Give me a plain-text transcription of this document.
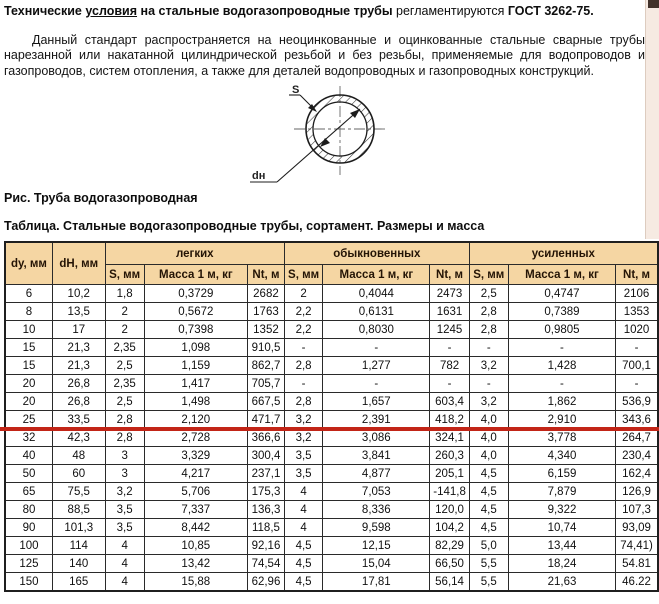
Технические условия на стальные водогазопроводные трубы регламентируются ГОСТ 3262-75.

Данный стандарт распространяется на неоцинкованные и оцинкованные стальные сварные трубы нарезанной или накатанной цилиндрической резьбой и без резьбы, применяемые для водопроводов и газопроводов, систем отопления, а также для деталей водопроводных и газопроводных конструкций.

S
dн

Рис. Труба водогазопроводная

Таблица. Стальные водогазопроводные трубы, сортамент. Размеры и масса

dy, мм	dH, мм	легких			обыкновенных			усиленных		
		S, мм	Масса 1 м, кг	Nt, м	S, мм	Масса 1 м, кг	Nt, м	S, мм	Масса 1 м, кг	Nt, м
6	10,2	1,8	0,3729	2682	2	0,4044	2473	2,5	0,4747	2106
8	13,5	2	0,5672	1763	2,2	0,6131	1631	2,8	0,7389	1353
10	17	2	0,7398	1352	2,2	0,8030	1245	2,8	0,9805	1020
15	21,3	2,35	1,098	910,5	-	-	-	-	-	-
15	21,3	2,5	1,159	862,7	2,8	1,277	782	3,2	1,428	700,1
20	26,8	2,35	1,417	705,7	-	-	-	-	-	-
20	26,8	2,5	1,498	667,5	2,8	1,657	603,4	3,2	1,862	536,9
25	33,5	2,8	2,120	471,7	3,2	2,391	418,2	4,0	2,910	343,6
32	42,3	2,8	2,728	366,6	3,2	3,086	324,1	4,0	3,778	264,7
40	48	3	3,329	300,4	3,5	3,841	260,3	4,0	4,340	230,4
50	60	3	4,217	237,1	3,5	4,877	205,1	4,5	6,159	162,4
65	75,5	3,2	5,706	175,3	4	7,053	-141,8	4,5	7,879	126,9
80	88,5	3,5	7,337	136,3	4	8,336	120,0	4,5	9,322	107,3
90	101,3	3,5	8,442	118,5	4	9,598	104,2	4,5	10,74	93,09
100	114	4	10,85	92,16	4,5	12,15	82,29	5,0	13,44	74,41)
125	140	4	13,42	74,54	4,5	15,04	66,50	5,5	18,24	54.81
150	165	4	15,88	62,96	4,5	17,81	56,14	5,5	21,63	46.22
